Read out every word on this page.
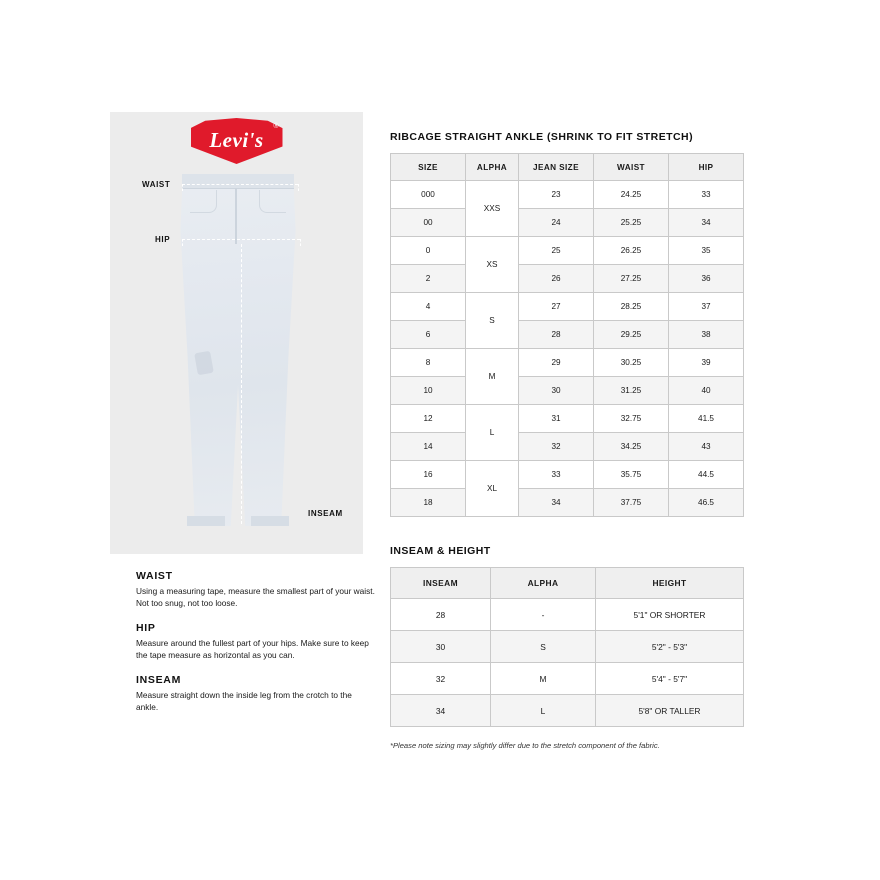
Levi's
®
WAIST
HIP
INSEAM

WAIST

Using a measuring tape, measure the smallest part of your waist. Not too snug, not too loose.

HIP

Measure around the fullest part of your hips. Make sure to keep the tape measure as horizontal as you can.

INSEAM

Measure straight down the inside leg from the crotch to the ankle.

RIBCAGE STRAIGHT ANKLE (SHRINK TO FIT STRETCH)
SIZE	ALPHA	JEAN SIZE	WAIST	HIP
000	XXS	23	24.25	33
00		24	25.25	34
0	XS	25	26.25	35
2		26	27.25	36
4	S	27	28.25	37
6		28	29.25	38
8	M	29	30.25	39
10		30	31.25	40
12	L	31	32.75	41.5
14		32	34.25	43
16	XL	33	35.75	44.5
18		34	37.75	46.5
INSEAM & HEIGHT
INSEAM	ALPHA	HEIGHT
28	-	5'1" OR SHORTER
30	S	5'2" - 5'3"
32	M	5'4" - 5'7"
34	L	5'8" OR TALLER
*Please note sizing may slightly differ due to the stretch component of the fabric.
